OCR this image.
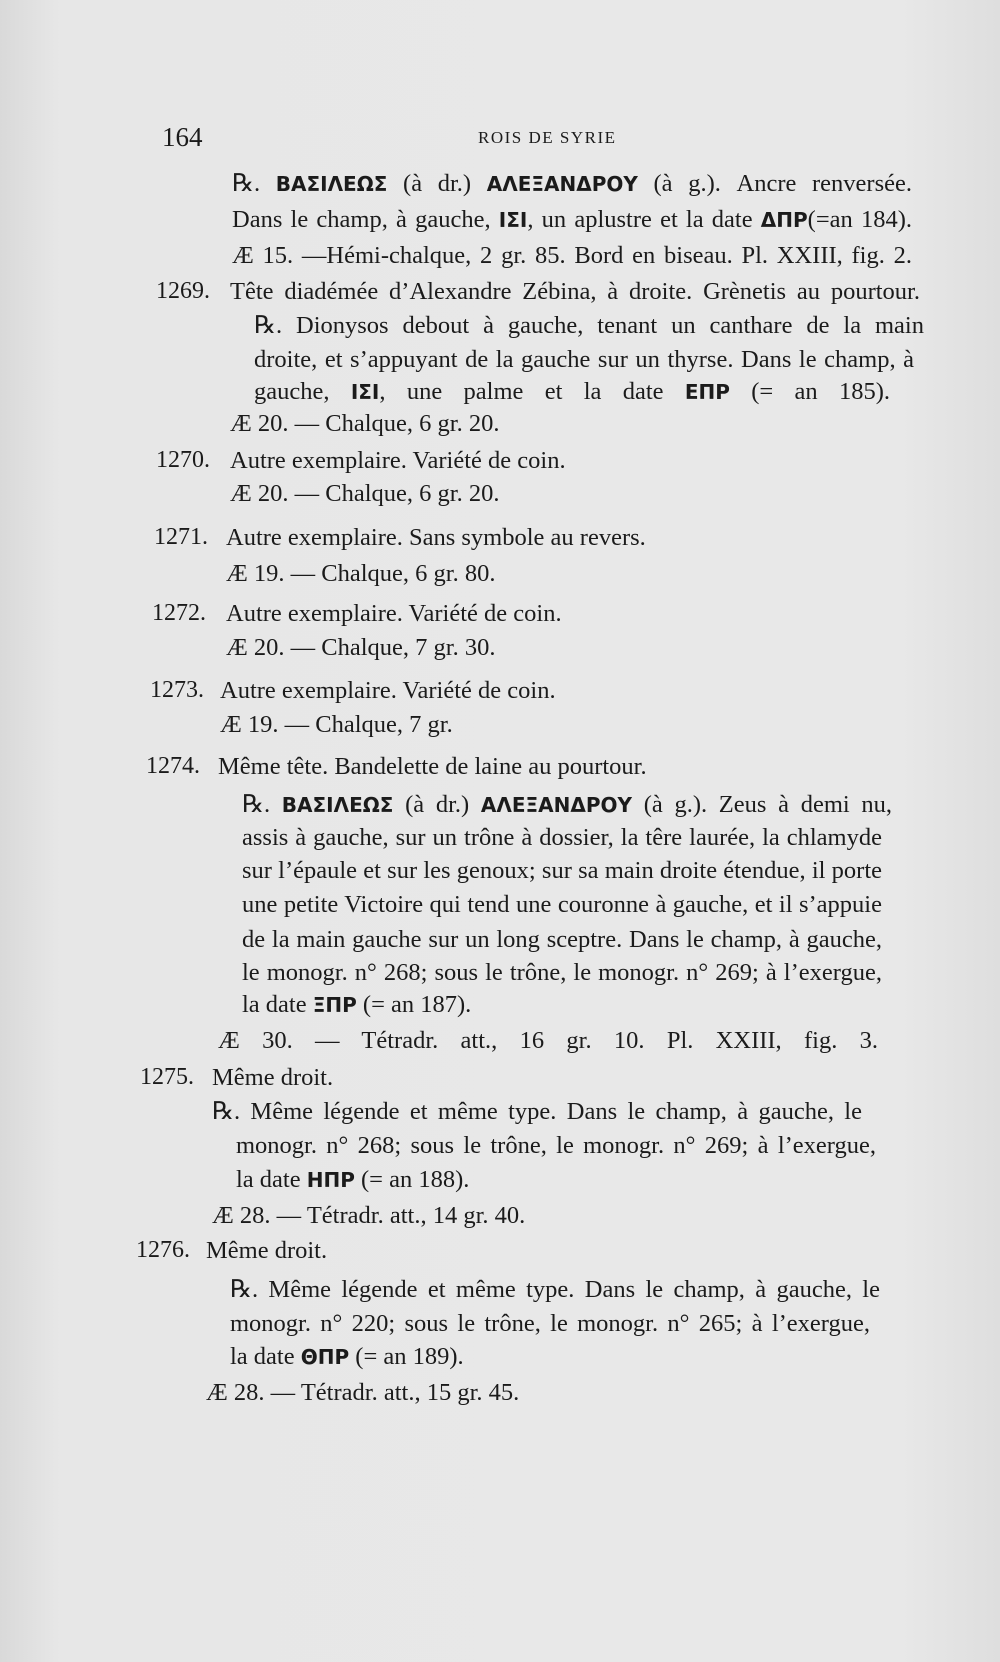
164	ROIS DE SYRIE
℞. ΒΑΣΙΛΕΩΣ (à dr.) ΑΛΕΞΑΝΔΡΟΥ (à g.). Ancre renversée.
Dans le champ, à gauche, ΙΣΙ, un aplustre et la date ΔΠΡ(=an 184).
Æ 15. —Hémi-chalque, 2 gr. 85. Bord en biseau. Pl. XXIII, fig. 2.
1269. Tête diadémée d’Alexandre Zébina, à droite. Grènetis au pourtour.
℞. Dionysos debout à gauche, tenant un canthare de la main
droite, et s’appuyant de la gauche sur un thyrse. Dans le champ, à
gauche, ΙΣΙ, une palme et la date ΕΠΡ (= an 185).
Æ 20. — Chalque, 6 gr. 20.
1270. Autre exemplaire. Variété de coin.
Æ 20. — Chalque, 6 gr. 20.
1271. Autre exemplaire. Sans symbole au revers.
Æ 19. — Chalque, 6 gr. 80.
1272. Autre exemplaire. Variété de coin.
Æ 20. — Chalque, 7 gr. 30.
1273. Autre exemplaire. Variété de coin.
Æ 19. — Chalque, 7 gr.
1274. Même tête. Bandelette de laine au pourtour.
℞. ΒΑΣΙΛΕΩΣ (à dr.) ΑΛΕΞΑΝΔΡΟΥ (à g.). Zeus à demi nu,
assis à gauche, sur un trône à dossier, la têre laurée, la chlamyde
sur l’épaule et sur les genoux; sur sa main droite étendue, il porte
une petite Victoire qui tend une couronne à gauche, et il s’appuie
de la main gauche sur un long sceptre. Dans le champ, à gauche,
le monogr. n° 268; sous le trône, le monogr. n° 269; à l’exergue,
la date ΞΠΡ (= an 187).
Æ 30. — Tétradr. att., 16 gr. 10. Pl. XXIII, fig. 3.
1275. Même droit.
℞. Même légende et même type. Dans le champ, à gauche, le
monogr. n° 268; sous le trône, le monogr. n° 269; à l’exergue,
la date ΗΠΡ (= an 188).
Æ 28. — Tétradr. att., 14 gr. 40.
1276. Même droit.
℞. Même légende et même type. Dans le champ, à gauche, le
monogr. n° 220; sous le trône, le monogr. n° 265; à l’exergue,
la date ΘΠΡ (= an 189).
Æ 28. — Tétradr. att., 15 gr. 45.
